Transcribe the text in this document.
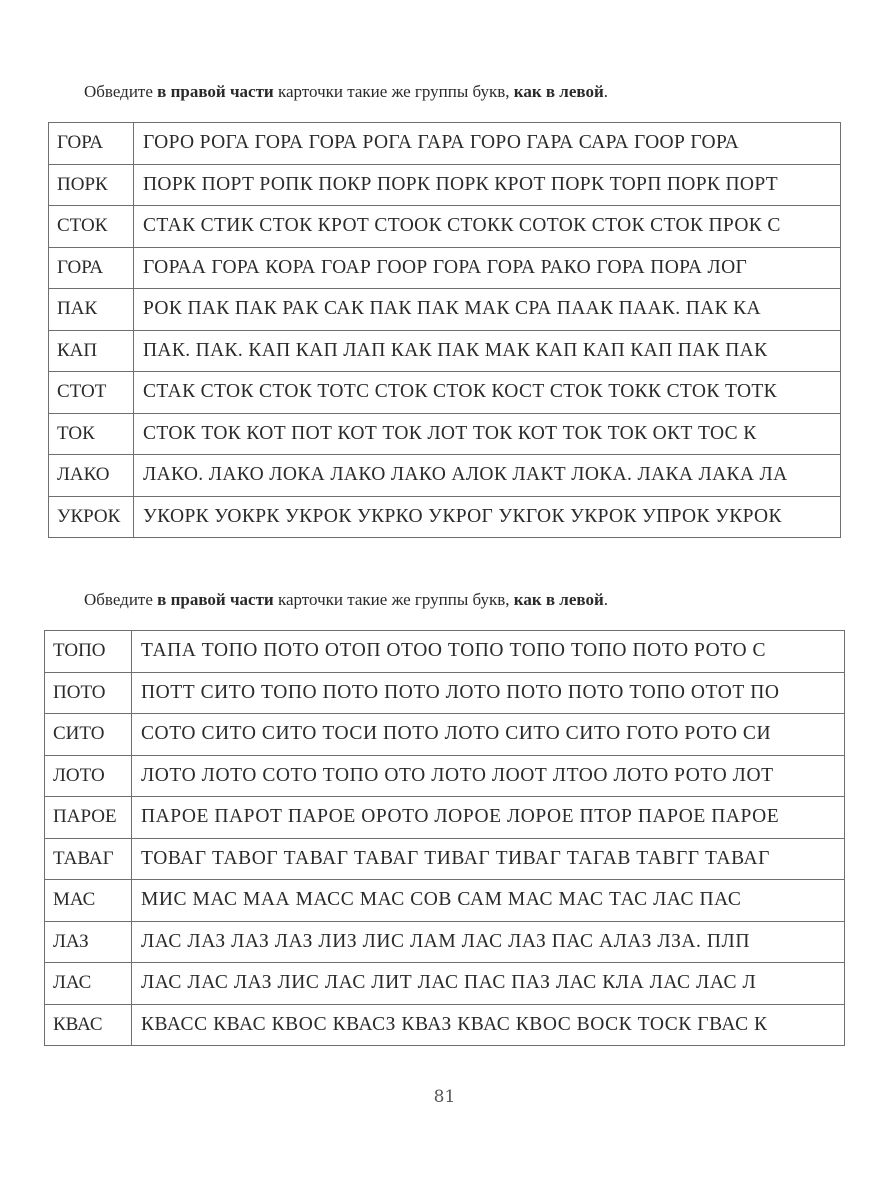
Обведите в правой части карточки такие же группы букв, как в левой.
ГОРА	ГОРО РОГА ГОРА ГОРА РОГА ГАРА ГОРО ГАРА САРА ГООР ГОРА
ПОРК	ПОРК ПОРТ РОПК ПОКР ПОРК ПОРК КРОТ ПОРК ТОРП ПОРК ПОРТ
СТОК	СТАК СТИК СТОК КРОТ СТООК СТОКК СОТОК СТОК СТОК ПРОК С
ГОРА	ГОРАА ГОРА КОРА ГОАР ГООР ГОРА ГОРА РАКО ГОРА ПОРА ЛОГ
ПАК	РОК ПАК ПАК РАК САК ПАК ПАК МАК СРА ПААК ПААК. ПАК КА
КАП	ПАК. ПАК. КАП КАП ЛАП КАК ПАК МАК КАП КАП КАП ПАК ПАК
СТОТ	СТАК СТОК СТОК ТОТС СТОК СТОК КОСТ СТОК ТОКК СТОК ТОТК
ТОК	СТОК ТОК КОТ ПОТ КОТ ТОК ЛОТ ТОК КОТ ТОК ТОК ОКТ ТОС К
ЛАКО	ЛАКО. ЛАКО ЛОКА ЛАКО ЛАКО АЛОК ЛАКТ ЛОКА. ЛАКА ЛАКА ЛА
УКРОК	УКОРК УОКРК УКРОК УКРКО УКРОГ УКГОК УКРОК УПРОК УКРОК
Обведите в правой части карточки такие же группы букв, как в левой.
ТОПО	ТАПА ТОПО ПОТО ОТОП ОТОО ТОПО ТОПО ТОПО ПОТО РОТО С
ПОТО	ПОТТ СИТО ТОПО ПОТО ПОТО ЛОТО ПОТО ПОТО ТОПО ОТОТ ПО
СИТО	СОТО СИТО СИТО ТОСИ ПОТО ЛОТО СИТО СИТО ГОТО РОТО СИ
ЛОТО	ЛОТО ЛОТО СОТО ТОПО ОТО ЛОТО ЛООТ ЛТОО ЛОТО РОТО ЛОТ
ПАРОЕ	ПАРОЕ ПАРОТ ПАРОЕ ОРОТО ЛОРОЕ ЛОРОЕ ПТОР ПАРОЕ ПАРОЕ
ТАВАГ	ТОВАГ ТАВОГ ТАВАГ ТАВАГ ТИВАГ ТИВАГ ТАГАВ ТАВГГ ТАВАГ
МАС	МИС МАС МАА МАСС МАС СОВ САМ МАС МАС ТАС ЛАС ПАС
ЛАЗ	ЛАС ЛАЗ ЛАЗ ЛАЗ ЛИЗ ЛИС ЛАМ ЛАС ЛАЗ ПАС АЛАЗ ЛЗА. ПЛП
ЛАС	ЛАС ЛАС ЛАЗ ЛИС ЛАС ЛИТ ЛАС ПАС ПАЗ ЛАС КЛА ЛАС ЛАС Л
КВАС	КВАСС КВАС КВОС КВАСЗ КВАЗ КВАС КВОС ВОСК ТОСК ГВАС К
81
